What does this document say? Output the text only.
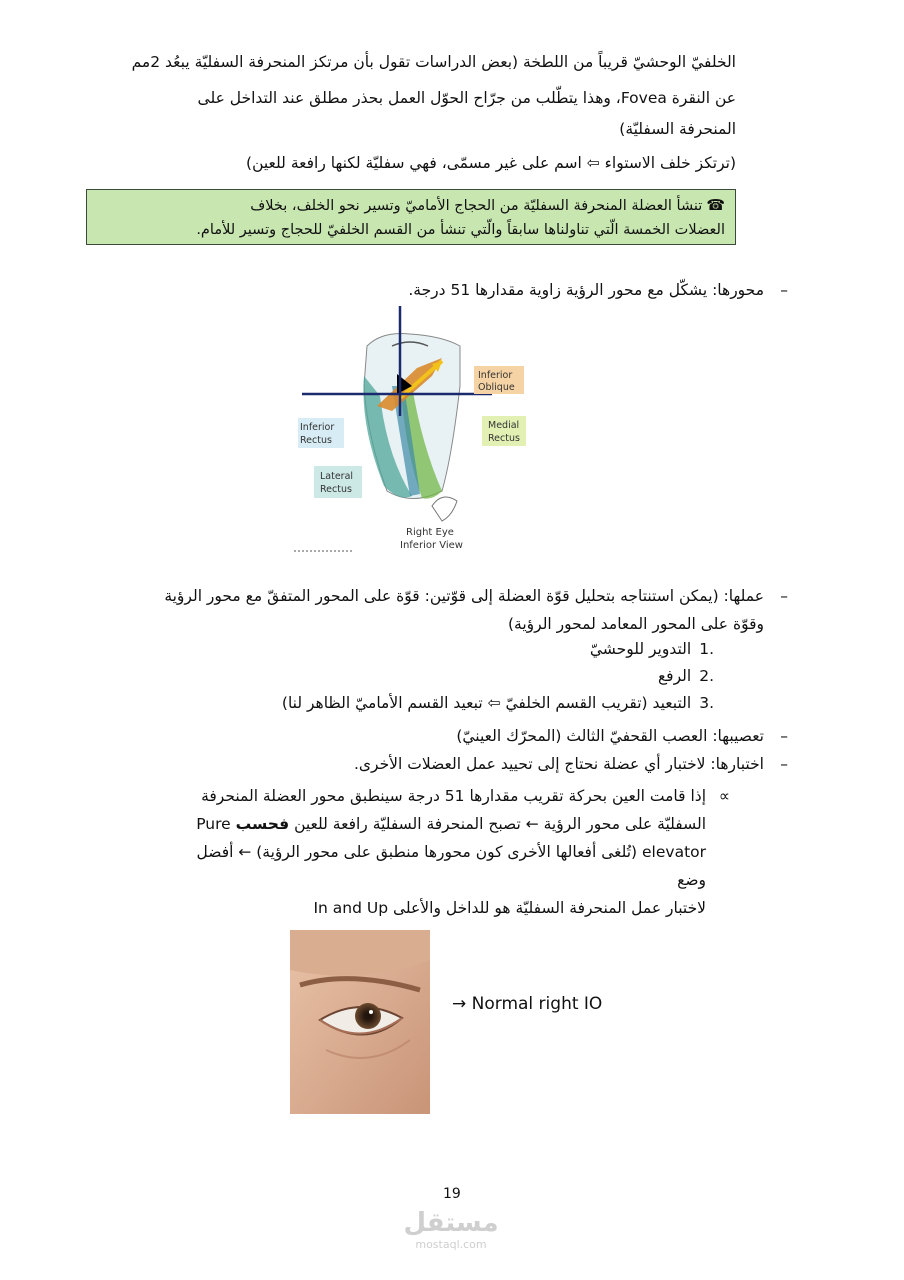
الخلفيّ الوحشيّ قريباً من اللطخة (بعض الدراسات تقول بأن مرتكز المنحرفة السفليّة يبعُد 2مم
عن النقرة Fovea، وهذا يتطّلب من جرّاح الحوّل العمل بحذر مطلق عند التداخل على
المنحرفة السفليّة)
(ترتكز خلف الاستواء ⇦ اسم على غير مسمّى، فهي سفليّة لكنها رافعة للعين)
☎تنشأ العضلة المنحرفة السفليّة من الحجاج الأماميّ وتسير نحو الخلف، بخلاف
العضلات الخمسة الّتي تناولناها سابقاً والّتي تنشأ من القسم الخلفيّ للحجاج وتسير للأمام.
–
محورها: يشكّل مع محور الرؤية زاوية مقدارها 51 درجة.
Inferior
Oblique
Inferior
Rectus
Medial
Rectus
Lateral
Rectus
Right Eye
Inferior View
–
عملها: (يمكن استنتاجه بتحليل قوّة العضلة إلى قوّتين: قوّة على المحور المتفقّ مع محور الرؤية
وقوّة على المحور المعامد لمحور الرؤية)
.1التدوير للوحشيّ
.2الرفع
.3التبعيد (تقريب القسم الخلفيّ ⇦ تبعيد القسم الأماميّ الظاهر لنا)
–
تعصيبها: العصب القحفيّ الثالث (المحرّك العينيّ)
–
اختبارها: لاختبار أي عضلة نحتاج إلى تحييد عمل العضلات الأخرى.
∝
إذا قامت العين بحركة تقريب مقدارها 51 درجة سينطبق محور العضلة المنحرفة
السفليّة على محور الرؤية ← تصبح المنحرفة السفليّة رافعة للعين فحسب Pure
elevator (تُلغى أفعالها الأخرى كون محورها منطبق على محور الرؤية) ← أفضل وضع
لاختبار عمل المنحرفة السفليّة هو للداخل والأعلى In and Up
→ Normal right IO
19
مستقل
mostaql.com
